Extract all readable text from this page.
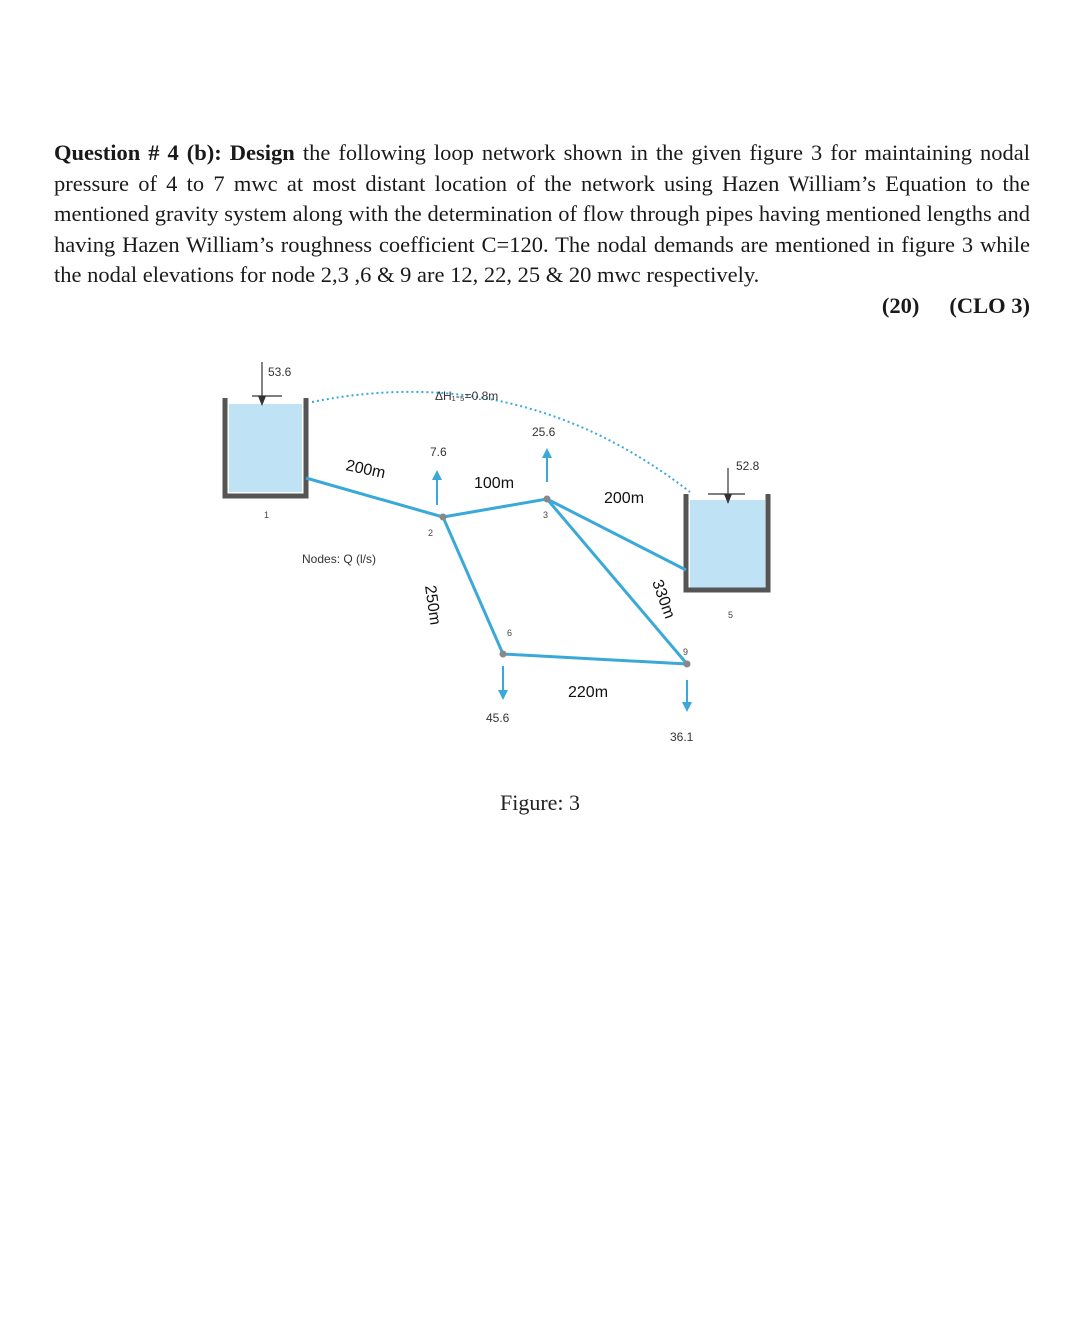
Question # 4 (b): Design the following loop network shown in the given figure 3 for maintaining nodal pressure of 4 to 7 mwc at most distant location of the network using Hazen William’s Equation to the mentioned gravity system along with the determination of flow through pipes having mentioned lengths and having Hazen William’s roughness coefficient C=120. The nodal demands are mentioned in figure 3 while the nodal elevations for node 2,3 ,6 & 9 are 12, 22, 25 & 20 mwc respectively.
(20) (CLO 3)
53.6
1
52.8
5
2
3
6
9
7.6
25.6
45.6
36.1
ΔH₁-₅=0.8m
Nodes: Q (l/s)
200m
100m
200m
250m	330m
220m
Figure: 3
